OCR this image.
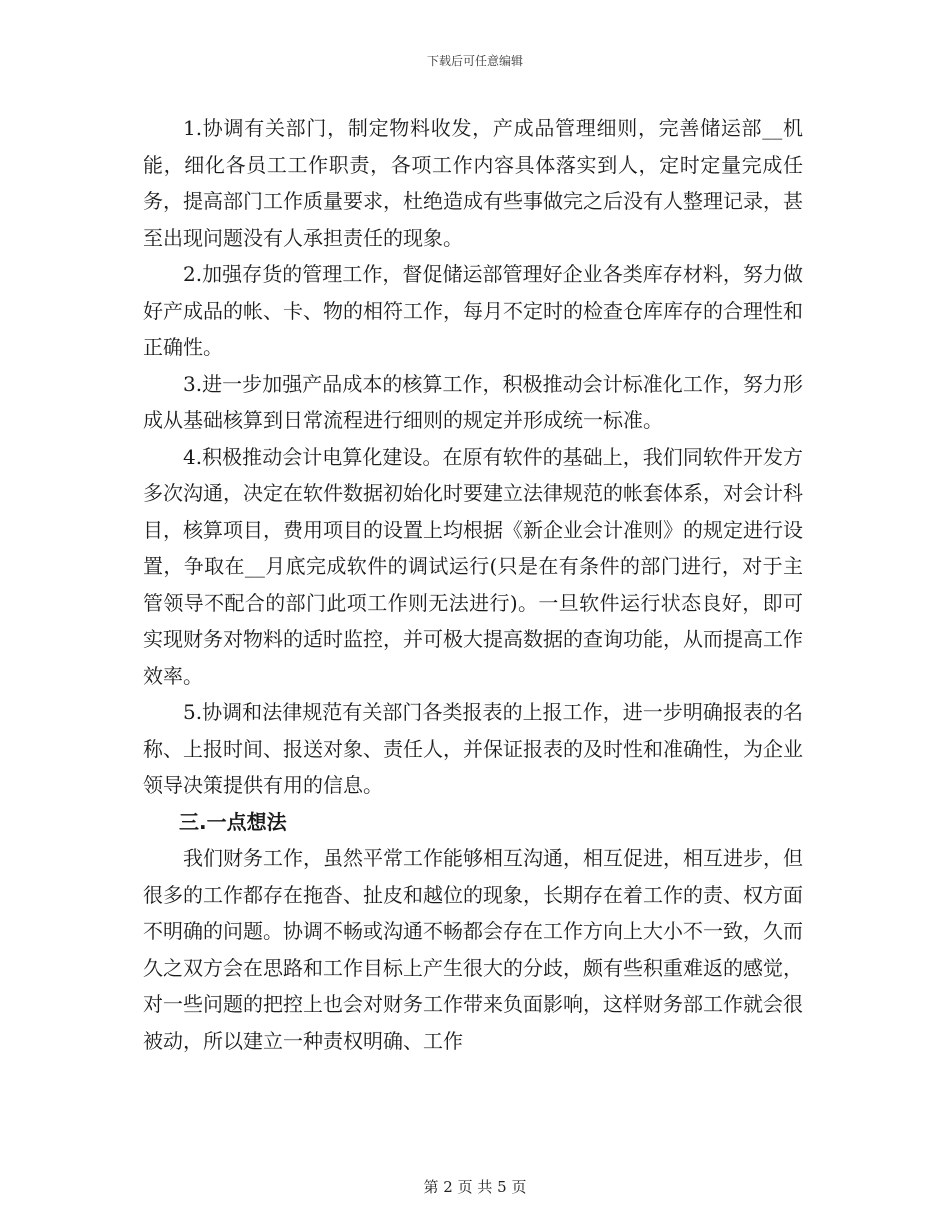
下载后可任意编辑

1.协调有关部门，制定物料收发，产成品管理细则，完善储运部__机能，细化各员工工作职责，各项工作内容具体落实到人，定时定量完成任务，提高部门工作质量要求，杜绝造成有些事做完之后没有人整理记录，甚至出现问题没有人承担责任的现象。

2.加强存货的管理工作，督促储运部管理好企业各类库存材料，努力做好产成品的帐、卡、物的相符工作，每月不定时的检查仓库库存的合理性和正确性。

3.进一步加强产品成本的核算工作，积极推动会计标准化工作，努力形成从基础核算到日常流程进行细则的规定并形成统一标准。

4.积极推动会计电算化建设。在原有软件的基础上，我们同软件开发方多次沟通，决定在软件数据初始化时要建立法律规范的帐套体系，对会计科目，核算项目，费用项目的设置上均根据《新企业会计准则》的规定进行设置，争取在__月底完成软件的调试运行(只是在有条件的部门进行，对于主管领导不配合的部门此项工作则无法进行)。一旦软件运行状态良好，即可实现财务对物料的适时监控，并可极大提高数据的查询功能，从而提高工作效率。

5.协调和法律规范有关部门各类报表的上报工作，进一步明确报表的名称、上报时间、报送对象、责任人，并保证报表的及时性和准确性，为企业领导决策提供有用的信息。

三.一点想法

我们财务工作，虽然平常工作能够相互沟通，相互促进，相互进步，但很多的工作都存在拖沓、扯皮和越位的现象，长期存在着工作的责、权方面不明确的问题。协调不畅或沟通不畅都会存在工作方向上大小不一致，久而久之双方会在思路和工作目标上产生很大的分歧，颇有些积重难返的感觉，对一些问题的把控上也会对财务工作带来负面影响，这样财务部工作就会很被动，所以建立一种责权明确、工作

第 2 页 共 5 页
